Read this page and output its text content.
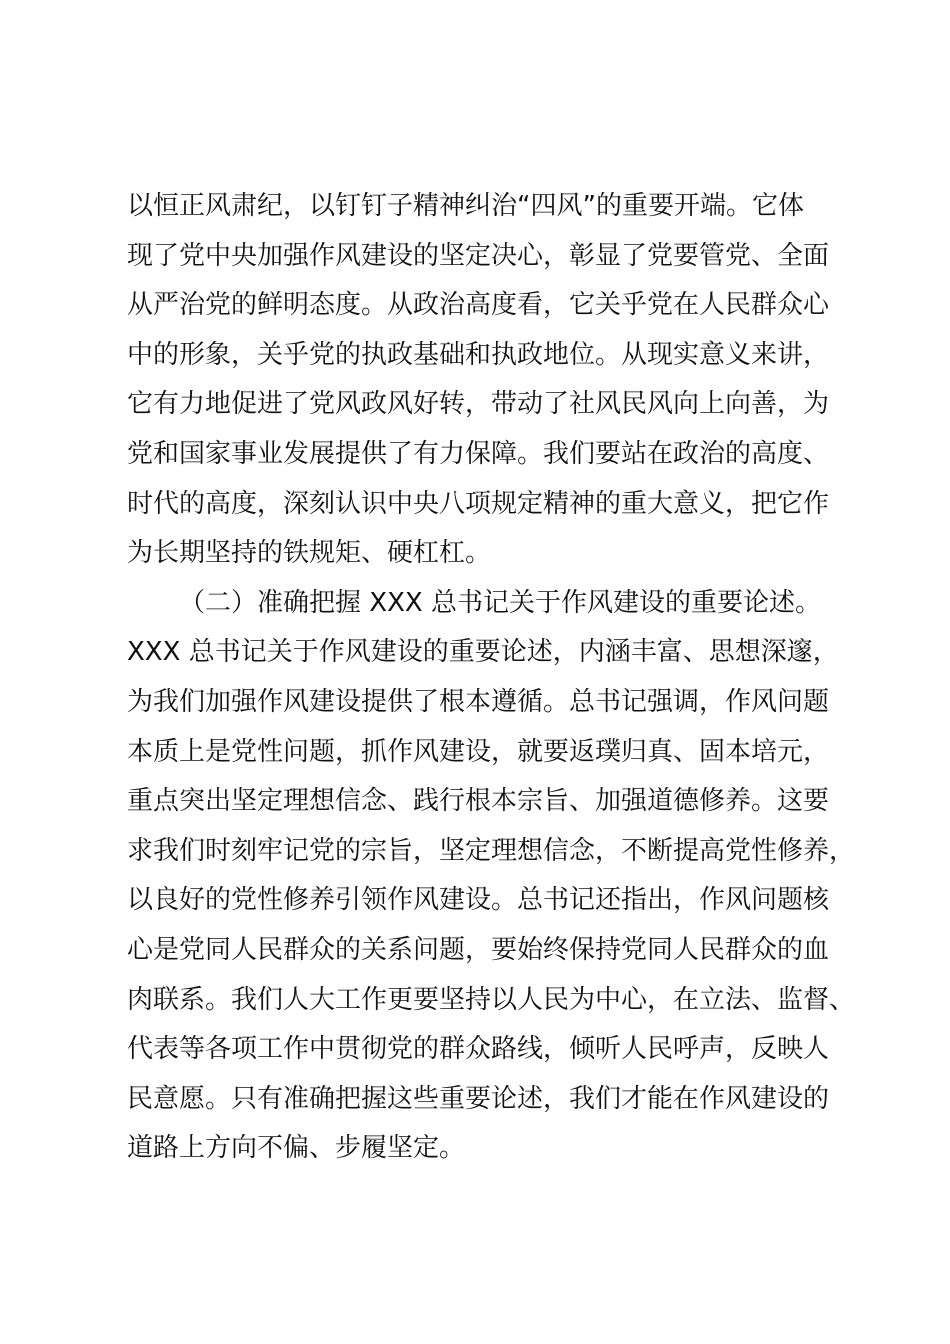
以恒正风肃纪，以钉钉子精神纠治“四风”的重要开端。它体
现了党中央加强作风建设的坚定决心，彰显了党要管党、全面
从严治党的鲜明态度。从政治高度看，它关乎党在人民群众心
中的形象，关乎党的执政基础和执政地位。从现实意义来讲，
它有力地促进了党风政风好转，带动了社风民风向上向善，为
党和国家事业发展提供了有力保障。我们要站在政治的高度、
时代的高度，深刻认识中央八项规定精神的重大意义，把它作
为长期坚持的铁规矩、硬杠杠。
（二）准确把握 XXX 总书记关于作风建设的重要论述。
XXX 总书记关于作风建设的重要论述，内涵丰富、思想深邃，
为我们加强作风建设提供了根本遵循。总书记强调，作风问题
本质上是党性问题，抓作风建设，就要返璞归真、固本培元，
重点突出坚定理想信念、践行根本宗旨、加强道德修养。这要
求我们时刻牢记党的宗旨，坚定理想信念，不断提高党性修养，
以良好的党性修养引领作风建设。总书记还指出，作风问题核
心是党同人民群众的关系问题，要始终保持党同人民群众的血
肉联系。我们人大工作更要坚持以人民为中心，在立法、监督、
代表等各项工作中贯彻党的群众路线，倾听人民呼声，反映人
民意愿。只有准确把握这些重要论述，我们才能在作风建设的
道路上方向不偏、步履坚定。
